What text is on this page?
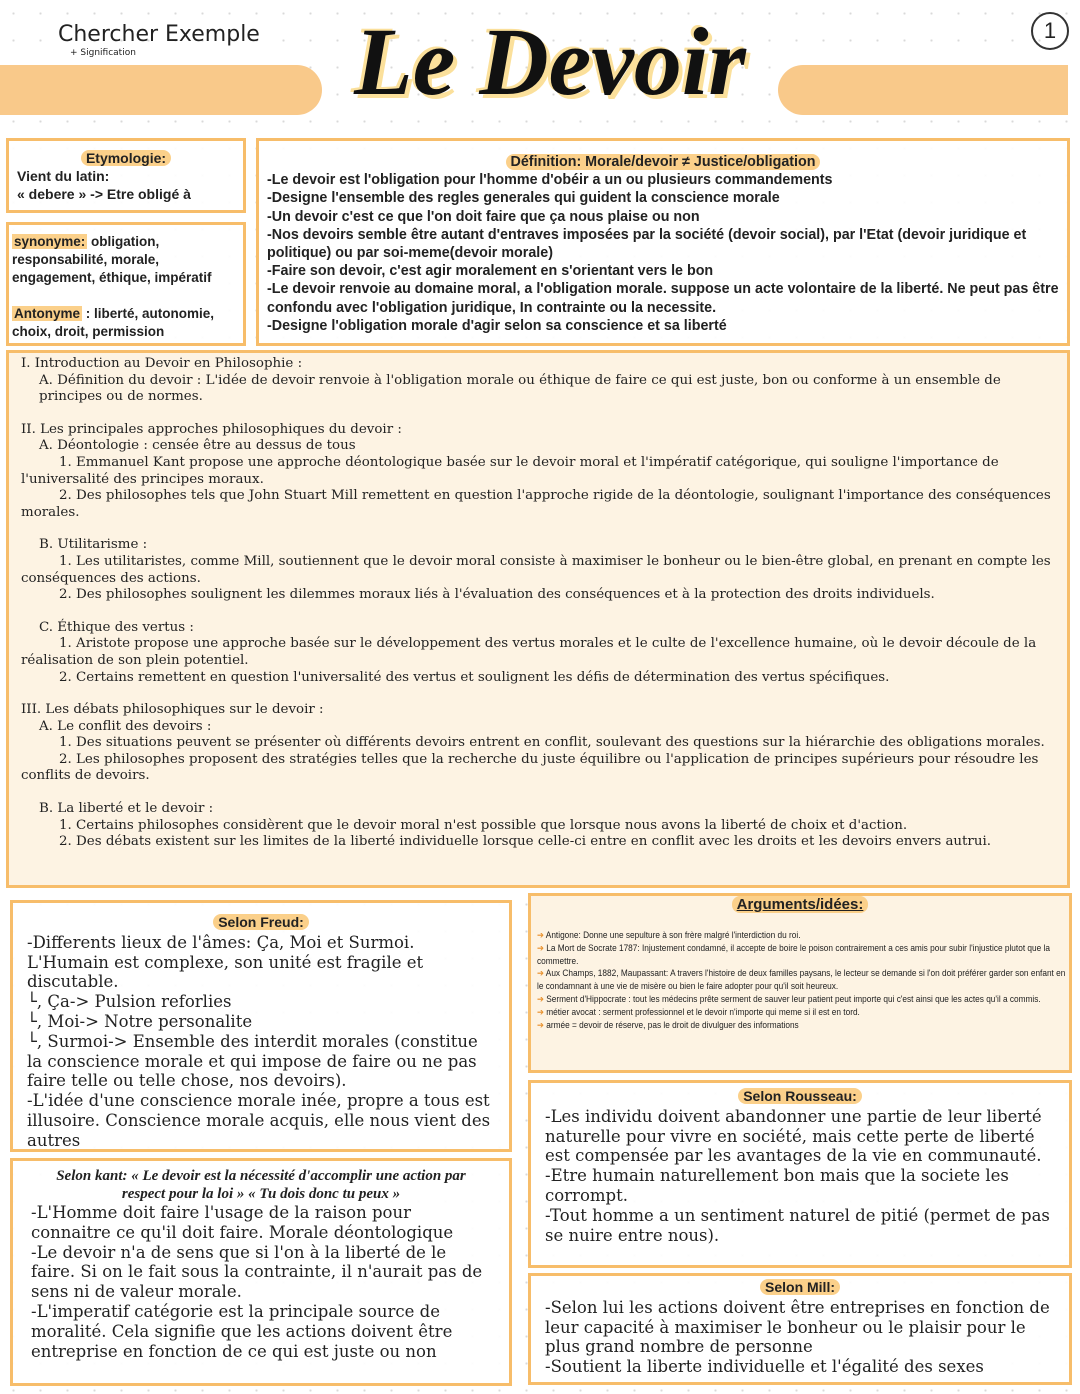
Chercher Exemple
+ Signification Le Devoir	1
Etymologie:
Vient du latin:
« debere » -> Etre obligé à
synonyme: obligation, responsabilité, morale, engagement, éthique, impératif
Antonyme : liberté, autonomie, choix, droit, permission
Définition: Morale/devoir ≠ Justice/obligation
-Le devoir est l'obligation pour l'homme d'obéir a un ou plusieurs commandements
-Designe l'ensemble des regles generales qui guident la conscience morale
-Un devoir c'est ce que l'on doit faire que ça nous plaise ou non
-Nos devoirs semble être autant d'entraves imposées par la société (devoir social), par l'Etat (devoir juridique et politique) ou par soi-meme(devoir morale)
-Faire son devoir, c'est agir moralement en s'orientant vers le bon
-Le devoir renvoie au domaine moral, a l'obligation morale. suppose un acte volontaire de la liberté. Ne peut pas être confondu avec l'obligation juridique, In contrainte ou la necessite.
-Designe l'obligation morale d'agir selon sa conscience et sa liberté
I. Introduction au Devoir en Philosophie :
A. Définition du devoir : L'idée de devoir renvoie à l'obligation morale ou éthique de faire ce qui est juste, bon ou conforme à un ensemble de principes ou de normes.
II. Les principales approches philosophiques du devoir :
A. Déontologie : censée être au dessus de tous
1. Emmanuel Kant propose une approche déontologique basée sur le devoir moral et l'impératif catégorique, qui souligne l'importance de l'universalité des principes moraux.
2. Des philosophes tels que John Stuart Mill remettent en question l'approche rigide de la déontologie, soulignant l'importance des conséquences morales.
B. Utilitarisme :
1. Les utilitaristes, comme Mill, soutiennent que le devoir moral consiste à maximiser le bonheur ou le bien-être global, en prenant en compte les conséquences des actions.
2. Des philosophes soulignent les dilemmes moraux liés à l'évaluation des conséquences et à la protection des droits individuels.
C. Éthique des vertus :
1. Aristote propose une approche basée sur le développement des vertus morales et le culte de l'excellence humaine, où le devoir découle de la réalisation de son plein potentiel.
2. Certains remettent en question l'universalité des vertus et soulignent les défis de détermination des vertus spécifiques.
III. Les débats philosophiques sur le devoir :
A. Le conflit des devoirs :
1. Des situations peuvent se présenter où différents devoirs entrent en conflit, soulevant des questions sur la hiérarchie des obligations morales.
2. Les philosophes proposent des stratégies telles que la recherche du juste équilibre ou l'application de principes supérieurs pour résoudre les conflits de devoirs.
B. La liberté et le devoir :
1. Certains philosophes considèrent que le devoir moral n'est possible que lorsque nous avons la liberté de choix et d'action.
2. Des débats existent sur les limites de la liberté individuelle lorsque celle-ci entre en conflit avec les droits et les devoirs envers autrui.
Selon Freud:
-Differents lieux de l'âmes: Ça, Moi et Surmoi.
L'Humain est complexe, son unité est fragile et discutable.
└, Ça-> Pulsion reforlies
└, Moi-> Notre personalite
└, Surmoi-> Ensemble des interdit morales (constitue la conscience morale et qui impose de faire ou ne pas faire telle ou telle chose, nos devoirs).
-L'idée d'une conscience morale inée, propre a tous est illusoire. Conscience morale acquis, elle nous vient des autres
Selon kant: « Le devoir est la nécessité d'accomplir une action par respect pour la loi » « Tu dois donc tu peux »
-L'Homme doit faire l'usage de la raison pour connaitre ce qu'il doit faire. Morale déontologique
-Le devoir n'a de sens que si l'on à la liberté de le faire. Si on le fait sous la contrainte, il n'aurait pas de sens ni de valeur morale.
-L'imperatif catégorie est la principale source de moralité. Cela signifie que les actions doivent être entreprise en fonction de ce qui est juste ou non
Arguments/idées:
➔ Antigone: Donne une sepulture à son frère malgré l'interdiction du roi.
➔ La Mort de Socrate 1787: Injustement condamné, il accepte de boire le poison contrairement a ces amis pour subir l'injustice plutot que la commettre.
➔ Aux Champs, 1882, Maupassant: A travers l'histoire de deux familles paysans, le lecteur se demande si l'on doit préférer garder son enfant en le condamnant à une vie de misère ou bien le faire adopter pour qu'il soit heureux.
➔ Serment d'Hippocrate : tout les médecins prête serment de sauver leur patient peut importe qui c'est ainsi que les actes qu'il a commis.
➔ métier avocat : serment professionnel et le devoir n'importe qui meme si il est en tord.
➔ armée = devoir de réserve, pas le droit de divulguer des informations
Selon Rousseau:
-Les individu doivent abandonner une partie de leur liberté naturelle pour vivre en société, mais cette perte de liberté est compensée par les avantages de la vie en communauté.
-Etre humain naturellement bon mais que la societe les corrompt.
-Tout homme a un sentiment naturel de pitié (permet de pas se nuire entre nous).
Selon Mill:
-Selon lui les actions doivent être entreprises en fonction de leur capacité à maximiser le bonheur ou le plaisir pour le plus grand nombre de personne
-Soutient la liberte individuelle et l'égalité des sexes
